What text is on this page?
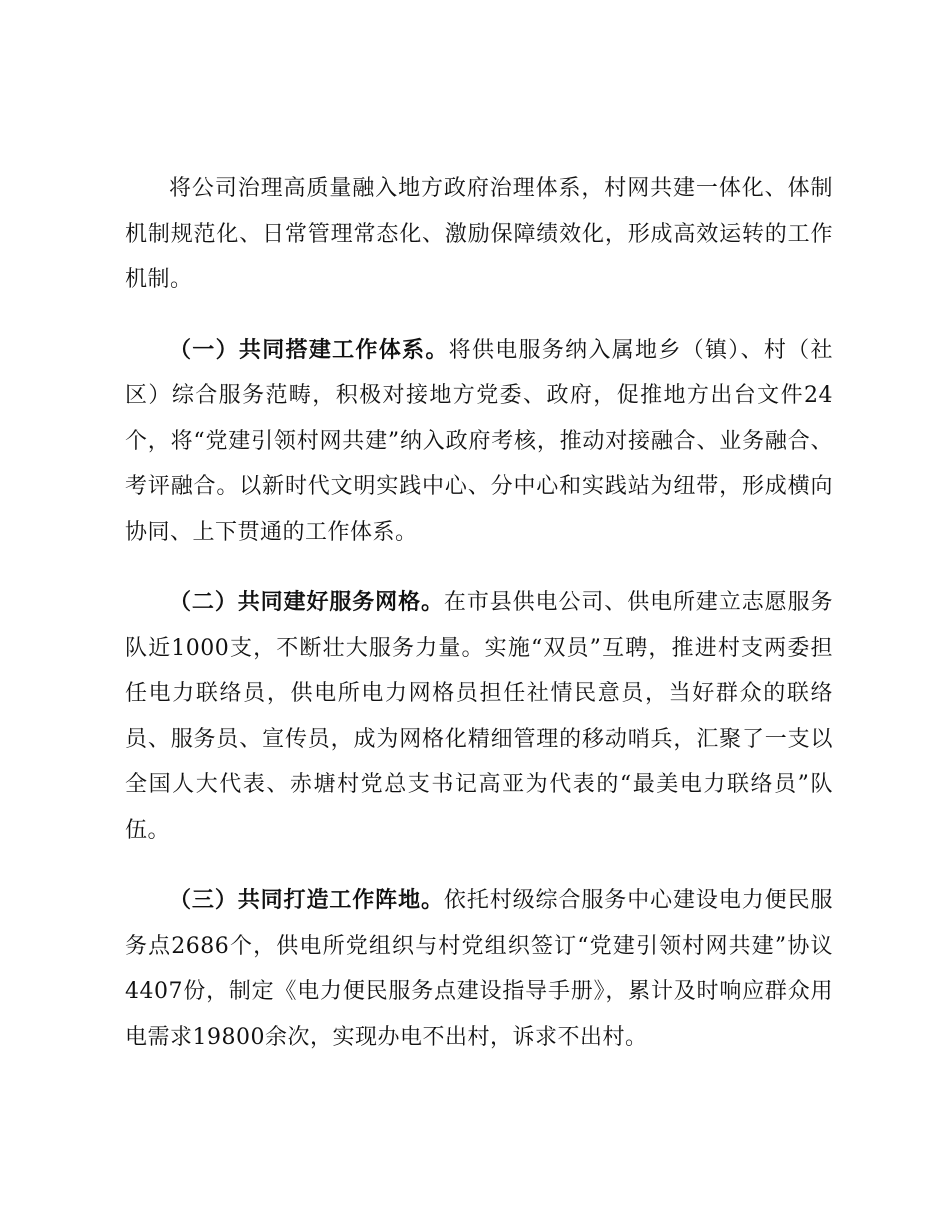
将公司治理高质量融入地方政府治理体系，村网共建一体化、体制机制规范化、日常管理常态化、激励保障绩效化，形成高效运转的工作机制。

（一）共同搭建工作体系。将供电服务纳入属地乡（镇）、村（社区）综合服务范畴，积极对接地方党委、政府，促推地方出台文件24个，将“党建引领村网共建”纳入政府考核，推动对接融合、业务融合、考评融合。以新时代文明实践中心、分中心和实践站为纽带，形成横向协同、上下贯通的工作体系。

（二）共同建好服务网格。在市县供电公司、供电所建立志愿服务队近1000支，不断壮大服务力量。实施“双员”互聘，推进村支两委担任电力联络员，供电所电力网格员担任社情民意员，当好群众的联络员、服务员、宣传员，成为网格化精细管理的移动哨兵，汇聚了一支以全国人大代表、赤塘村党总支书记高亚为代表的“最美电力联络员”队伍。

（三）共同打造工作阵地。依托村级综合服务中心建设电力便民服务点2686个，供电所党组织与村党组织签订“党建引领村网共建”协议4407份，制定《电力便民服务点建设指导手册》，累计及时响应群众用电需求19800余次，实现办电不出村，诉求不出村。
